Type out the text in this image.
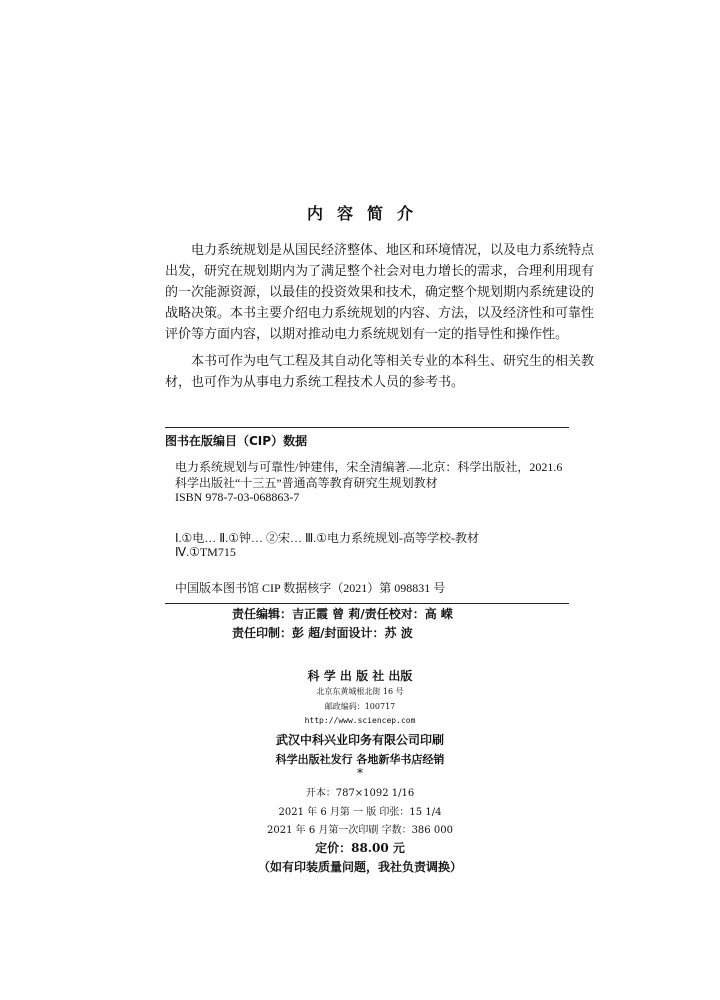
内容简介
电力系统规划是从国民经济整体、地区和环境情况，以及电力系统特点
出发，研究在规划期内为了满足整个社会对电力增长的需求，合理利用现有
的一次能源资源，以最佳的投资效果和技术，确定整个规划期内系统建设的
战略决策。本书主要介绍电力系统规划的内容、方法，以及经济性和可靠性
评价等方面内容，以期对推动电力系统规划有一定的指导性和操作性。
本书可作为电气工程及其自动化等相关专业的本科生、研究生的相关教
材，也可作为从事电力系统工程技术人员的参考书。
图书在版编目（CIP）数据
电力系统规划与可靠性/钟建伟，宋全清编著.—北京：科学出版社，2021.6
科学出版社“十三五”普通高等教育研究生规划教材
ISBN 978-7-03-068863-7
Ⅰ.①电… Ⅱ.①钟… ②宋… Ⅲ.①电力系统规划-高等学校-教材
Ⅳ.①TM715
中国版本图书馆 CIP 数据核字（2021）第 098831 号
责任编辑：吉正霞 曾 莉/责任校对：高 嵘
责任印制：彭 超/封面设计：苏 波
科 学 出 版 社 出版
北京东黄城根北街 16 号
邮政编码：100717
http://www.sciencep.com
武汉中科兴业印务有限公司印刷
科学出版社发行 各地新华书店经销
*
开本：787×1092 1/16
2021 年 6 月第 一 版 印张：15 1/4
2021 年 6 月第一次印刷 字数：386 000
定价：88.00 元
（如有印装质量问题，我社负责调换）
